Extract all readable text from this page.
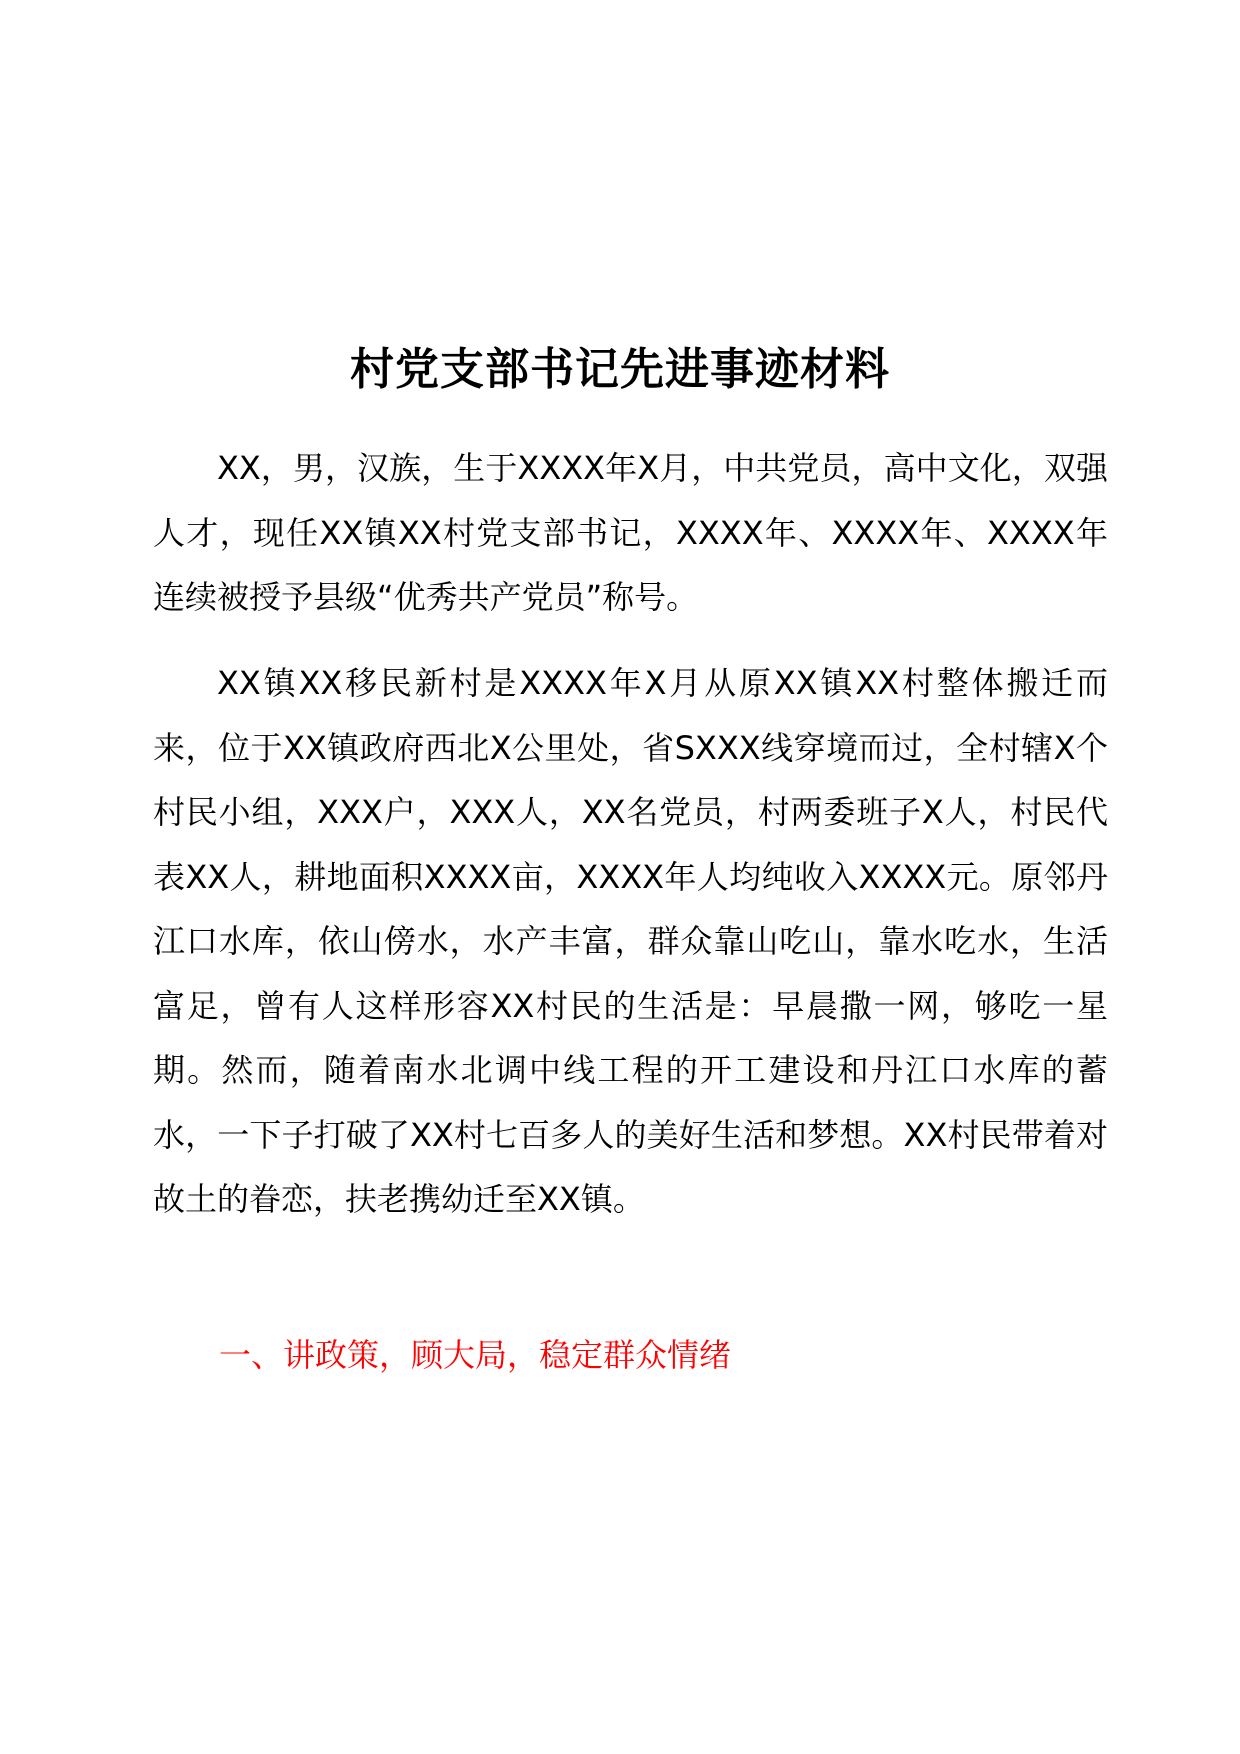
村党支部书记先进事迹材料

XX，男，汉族，生于XXXX年X月，中共党员，高中文化，双强人才，现任XX镇XX村党支部书记，XXXX年、XXXX年、XXXX年连续被授予县级“优秀共产党员”称号。

XX镇XX移民新村是XXXX年X月从原XX镇XX村整体搬迁而来，位于XX镇政府西北X公里处，省SXXX线穿境而过，全村辖X个村民小组，XXX户，XXX人，XX名党员，村两委班子X人，村民代表XX人，耕地面积XXXX亩，XXXX年人均纯收入XXXX元。原邻丹江口水库，依山傍水，水产丰富，群众靠山吃山，靠水吃水，生活富足，曾有人这样形容XX村民的生活是：早晨撒一网，够吃一星期。然而，随着南水北调中线工程的开工建设和丹江口水库的蓄水，一下子打破了XX村七百多人的美好生活和梦想。XX村民带着对故土的眷恋，扶老携幼迁至XX镇。

一、讲政策，顾大局，稳定群众情绪
